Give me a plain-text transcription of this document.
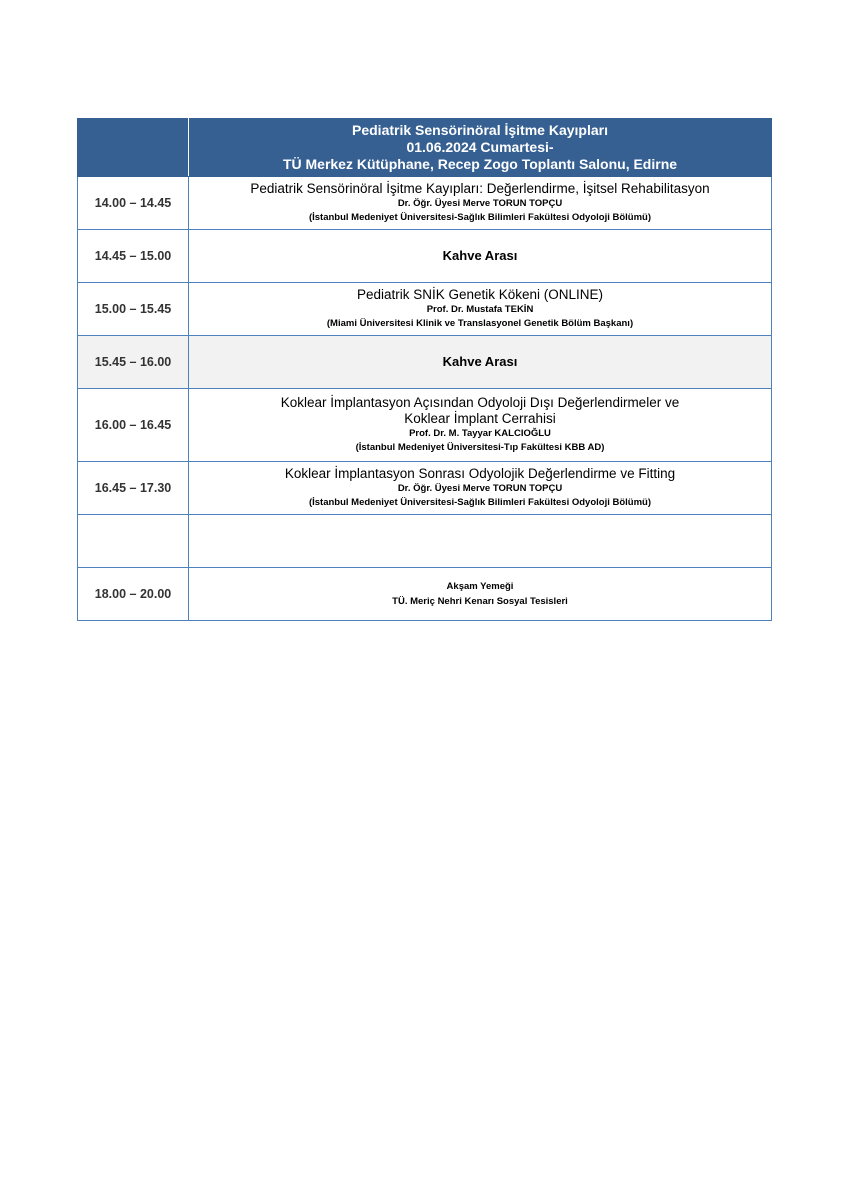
	Pediatrik Sensörinöral İşitme Kayıpları
01.06.2024 Cumartesi-
TÜ Merkez Kütüphane, Recep Zogo Toplantı Salonu, Edirne

14.00 – 14.45	Pediatrik Sensörinöral İşitme Kayıpları: Değerlendirme, İşitsel Rehabilitasyon
Dr. Öğr. Üyesi Merve TORUN TOPÇU
(İstanbul Medeniyet Üniversitesi-Sağlık Bilimleri Fakültesi Odyoloji Bölümü)

14.45 – 15.00	Kahve Arası
15.00 – 15.45	Pediatrik SNİK Genetik Kökeni (ONLINE)
Prof. Dr. Mustafa TEKİN
(Miami Üniversitesi Klinik ve Translasyonel Genetik Bölüm Başkanı)

15.45 – 16.00	Kahve Arası
16.00 – 16.45	Koklear İmplantasyon Açısından Odyoloji Dışı Değerlendirmeler ve
Koklear İmplant Cerrahisi
Prof. Dr. M. Tayyar KALCIOĞLU
(İstanbul Medeniyet Üniversitesi-Tıp Fakültesi KBB AD)

16.45 – 17.30	Koklear İmplantasyon Sonrası Odyolojik Değerlendirme ve Fitting
Dr. Öğr. Üyesi Merve TORUN TOPÇU
(İstanbul Medeniyet Üniversitesi-Sağlık Bilimleri Fakültesi Odyoloji Bölümü)

18.00 – 20.00	Akşam Yemeği
TÜ. Meriç Nehri Kenarı Sosyal Tesisleri
